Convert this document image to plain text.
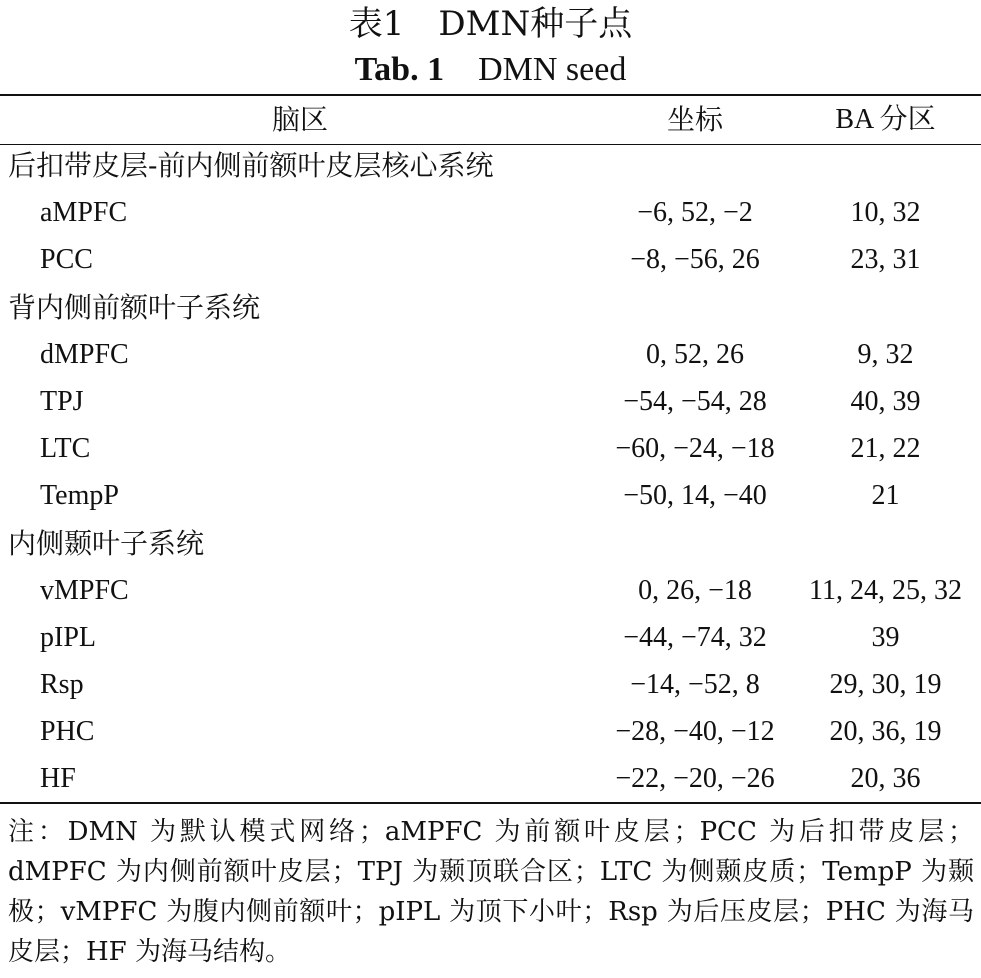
表1　DMN种子点
Tab. 1 DMN seed
脑区	坐标	BA 分区
后扣带皮层-前内侧前额叶皮层核心系统
aMPFC	−6, 52, −2	10, 32
PCC	−8, −56, 26	23, 31
背内侧前额叶子系统
dMPFC	0, 52, 26	9, 32
TPJ	−54, −54, 28	40, 39
LTC	−60, −24, −18	21, 22
TempP	−50, 14, −40	21
内侧颞叶子系统
vMPFC	0, 26, −18	11, 24, 25, 32
pIPL	−44, −74, 32	39
Rsp	−14, −52, 8	29, 30, 19
PHC	−28, −40, −12	20, 36, 19
HF	−22, −20, −26	20, 36
注：DMN 为默认模式网络；aMPFC 为前额叶皮层；PCC 为后扣带皮层；dMPFC 为内侧前额叶皮层；TPJ 为颞顶联合区；LTC 为侧颞皮质；TempP 为颞极；vMPFC 为腹内侧前额叶；pIPL 为顶下小叶；Rsp 为后压皮层；PHC 为海马皮层；HF 为海马结构。
